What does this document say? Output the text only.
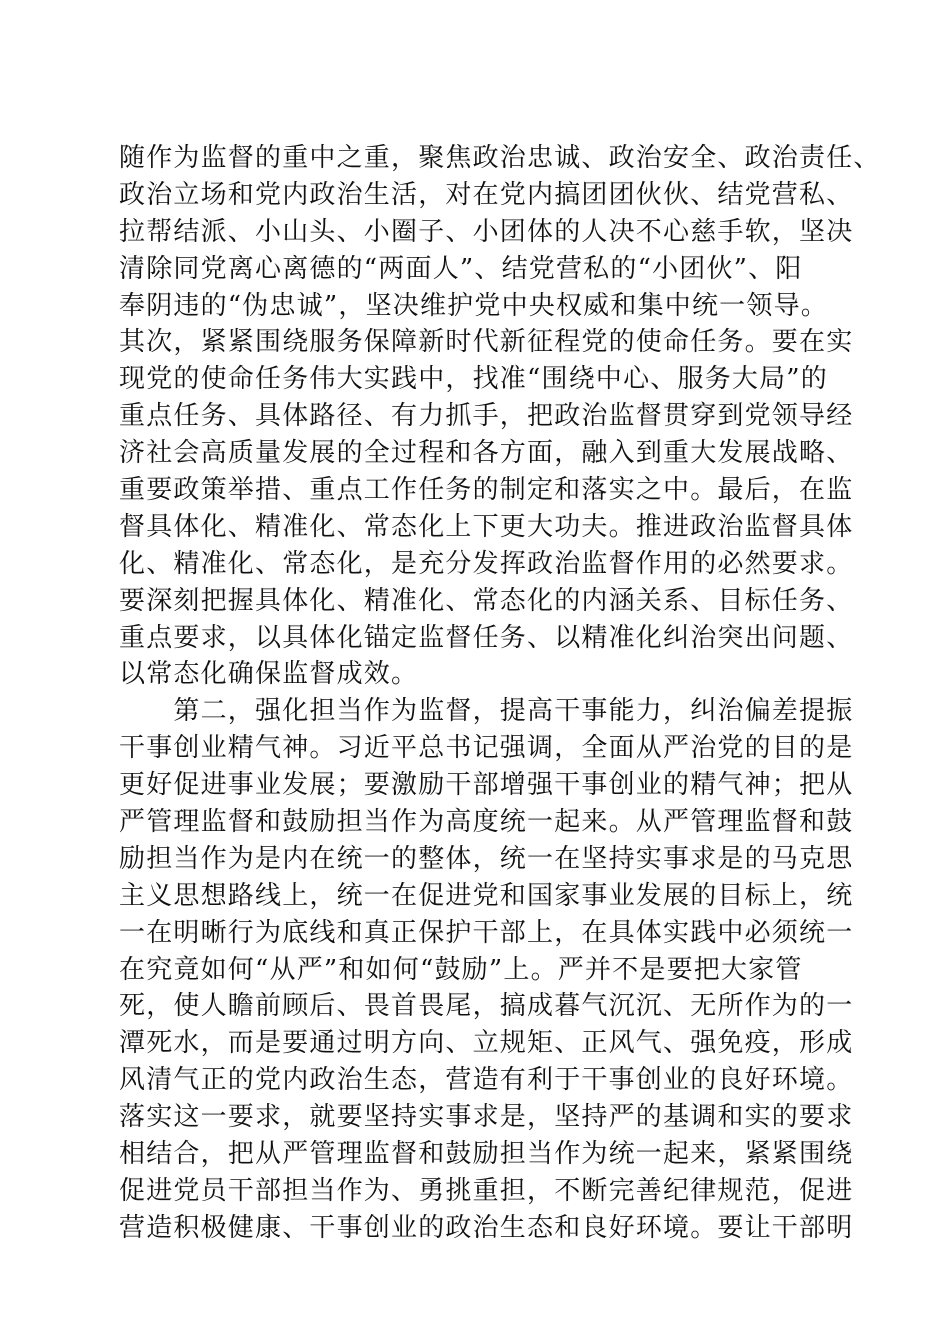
随作为监督的重中之重，聚焦政治忠诚、政治安全、政治责任、
政治立场和党内政治生活，对在党内搞团团伙伙、结党营私、
拉帮结派、小山头、小圈子、小团体的人决不心慈手软，坚决
清除同党离心离德的“两面人”、结党营私的“小团伙”、阳
奉阴违的“伪忠诚”，坚决维护党中央权威和集中统一领导。
其次，紧紧围绕服务保障新时代新征程党的使命任务。要在实
现党的使命任务伟大实践中，找准“围绕中心、服务大局”的
重点任务、具体路径、有力抓手，把政治监督贯穿到党领导经
济社会高质量发展的全过程和各方面，融入到重大发展战略、
重要政策举措、重点工作任务的制定和落实之中。最后，在监
督具体化、精准化、常态化上下更大功夫。推进政治监督具体
化、精准化、常态化，是充分发挥政治监督作用的必然要求。
要深刻把握具体化、精准化、常态化的内涵关系、目标任务、
重点要求，以具体化锚定监督任务、以精准化纠治突出问题、
以常态化确保监督成效。
　　第二，强化担当作为监督，提高干事能力，纠治偏差提振
干事创业精气神。习近平总书记强调，全面从严治党的目的是
更好促进事业发展；要激励干部增强干事创业的精气神；把从
严管理监督和鼓励担当作为高度统一起来。从严管理监督和鼓
励担当作为是内在统一的整体，统一在坚持实事求是的马克思
主义思想路线上，统一在促进党和国家事业发展的目标上，统
一在明晰行为底线和真正保护干部上，在具体实践中必须统一
在究竟如何“从严”和如何“鼓励”上。严并不是要把大家管
死，使人瞻前顾后、畏首畏尾，搞成暮气沉沉、无所作为的一
潭死水，而是要通过明方向、立规矩、正风气、强免疫，形成
风清气正的党内政治生态，营造有利于干事创业的良好环境。
落实这一要求，就要坚持实事求是，坚持严的基调和实的要求
相结合，把从严管理监督和鼓励担当作为统一起来，紧紧围绕
促进党员干部担当作为、勇挑重担，不断完善纪律规范，促进
营造积极健康、干事创业的政治生态和良好环境。要让干部明
